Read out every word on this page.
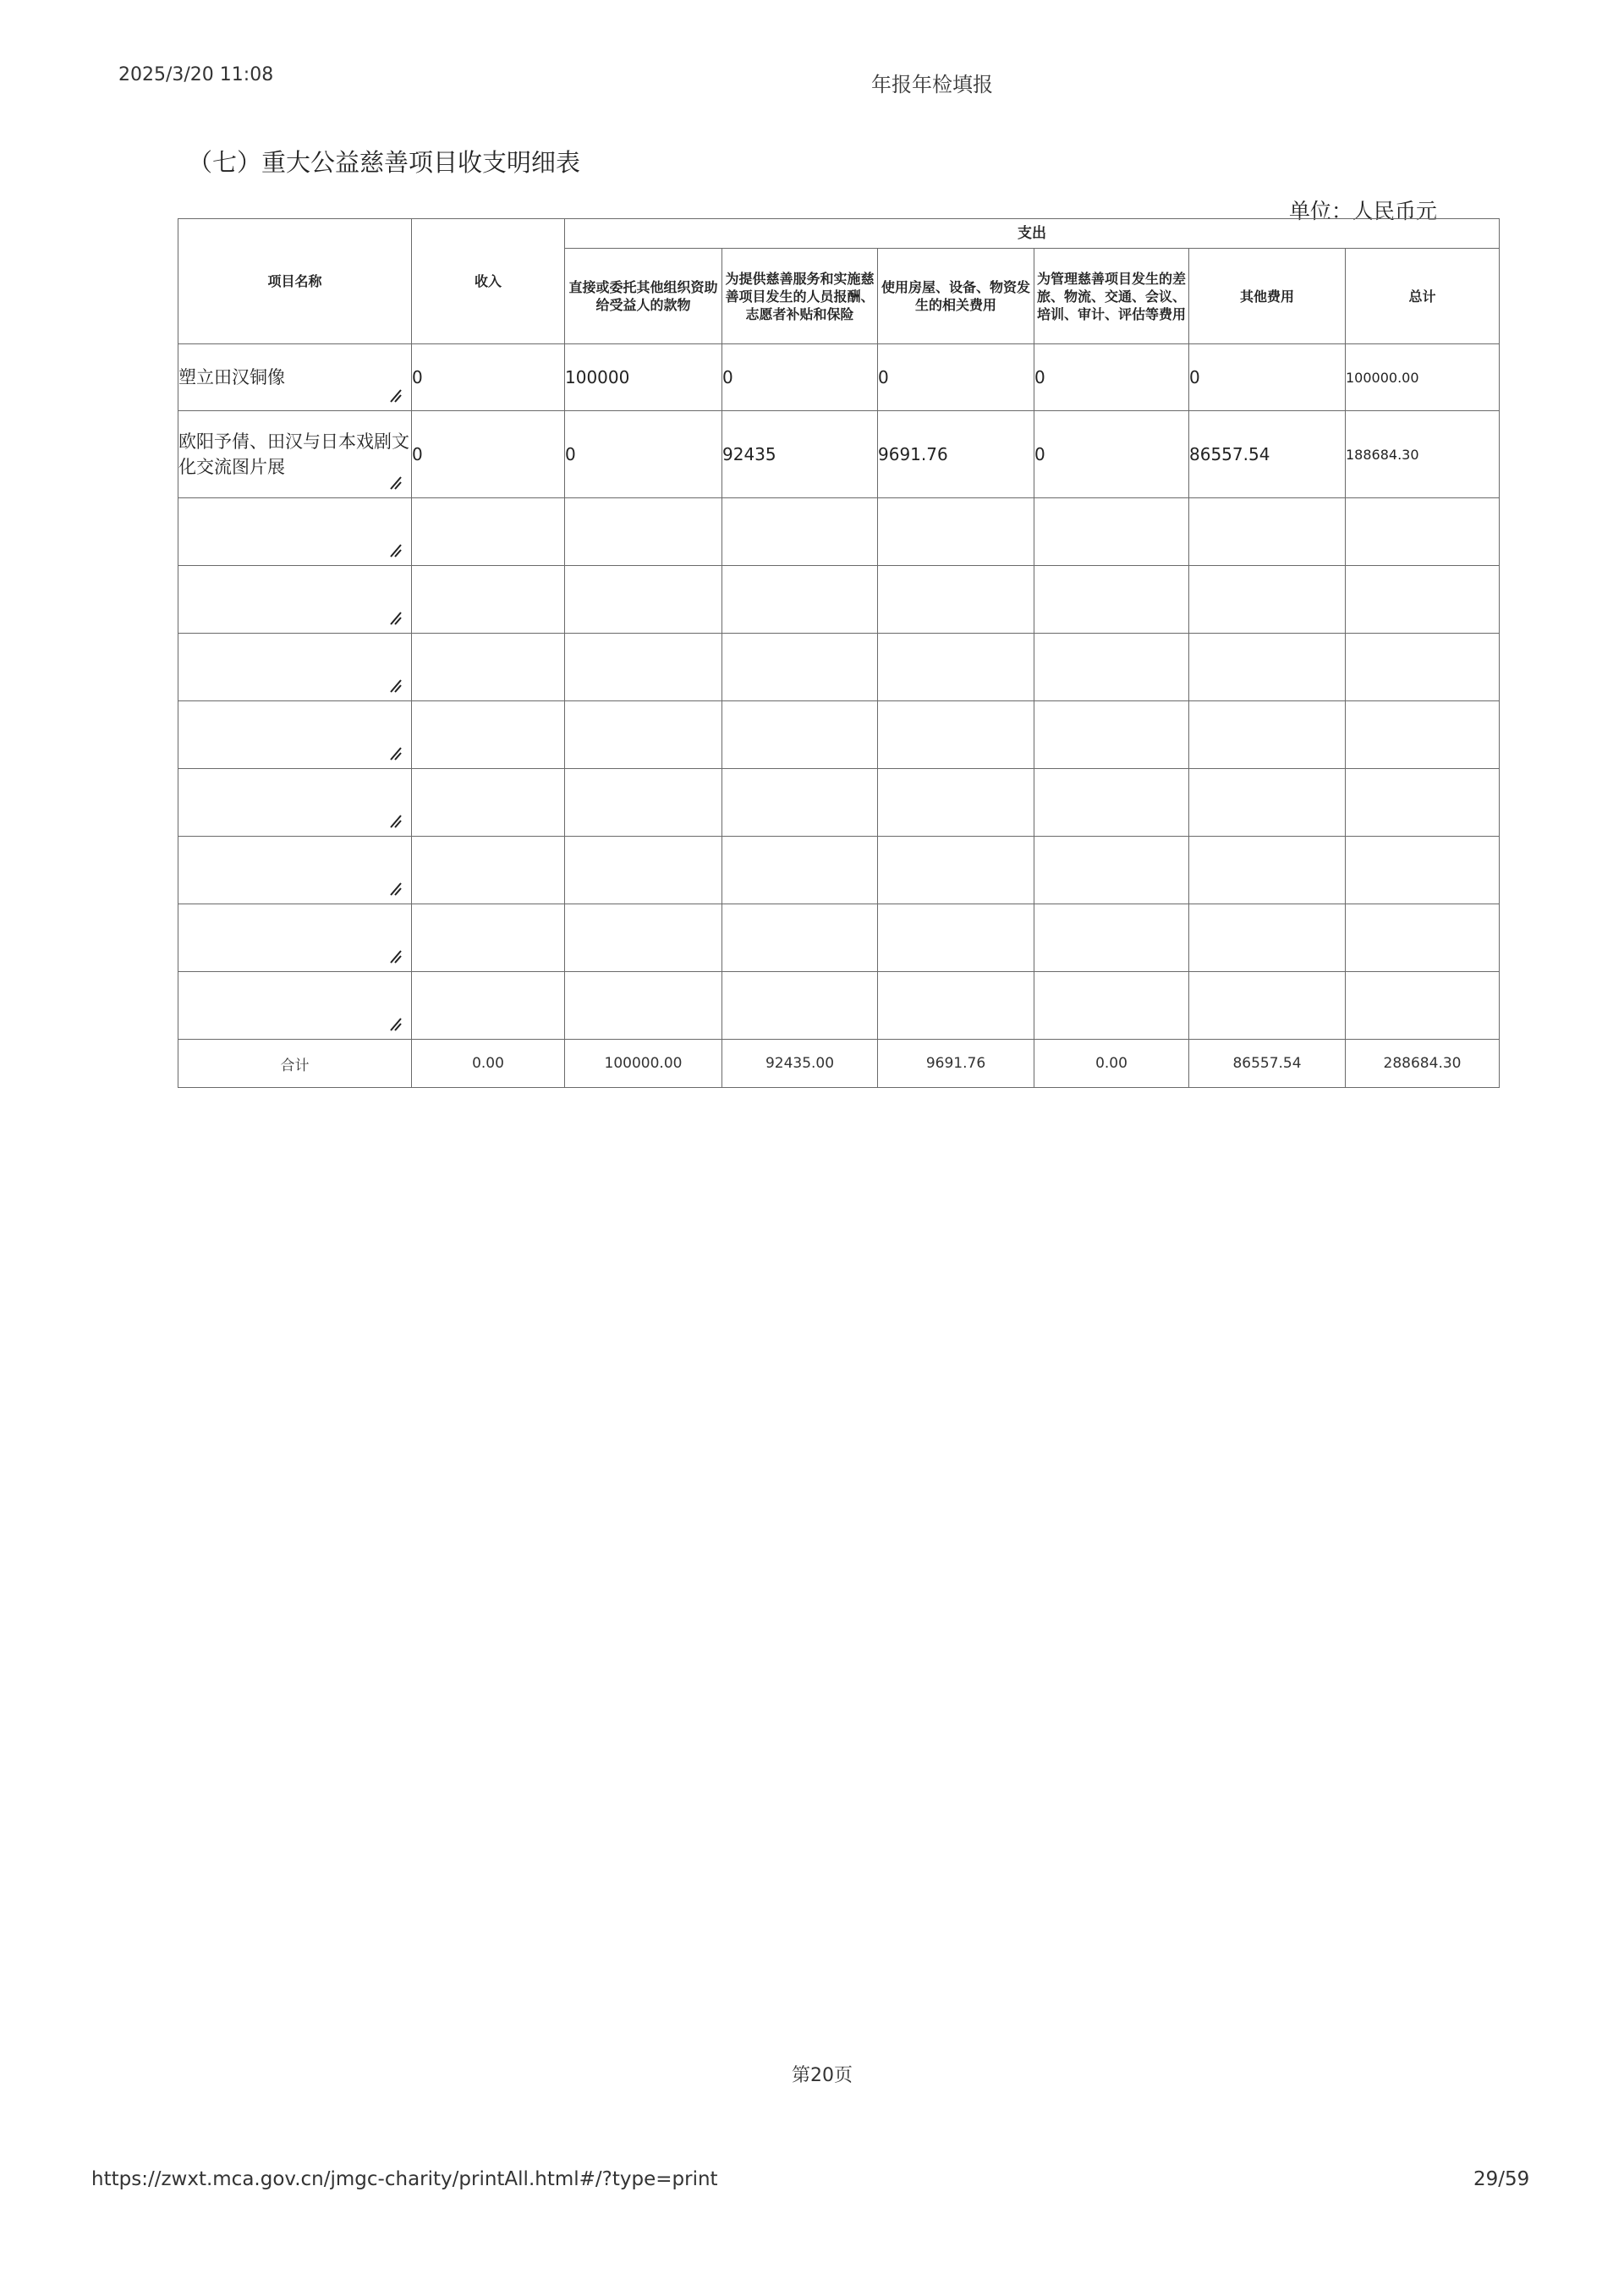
2025/3/20 11:08	年报年检填报
（七）重大公益慈善项目收支明细表
单位：人民币元
项目名称	收入	支出					
		直接或委托其他组织资助给受益人的款物	为提供慈善服务和实施慈善项目发生的人员报酬、志愿者补贴和保险	使用房屋、设备、物资发生的相关费用	为管理慈善项目发生的差旅、物流、交通、会议、培训、审计、评估等费用	其他费用	总计
塑立田汉铜像	0	100000	0	0	0	0	100000.00
欧阳予倩、田汉与日本戏剧文化交流图片展	0	0	92435	9691.76	0	86557.54	188684.30

合计	0.00	100000.00	92435.00	9691.76	0.00	86557.54	288684.30
第20页
https://zwxt.mca.gov.cn/jmgc-charity/printAll.html#/?type=print	29/59
